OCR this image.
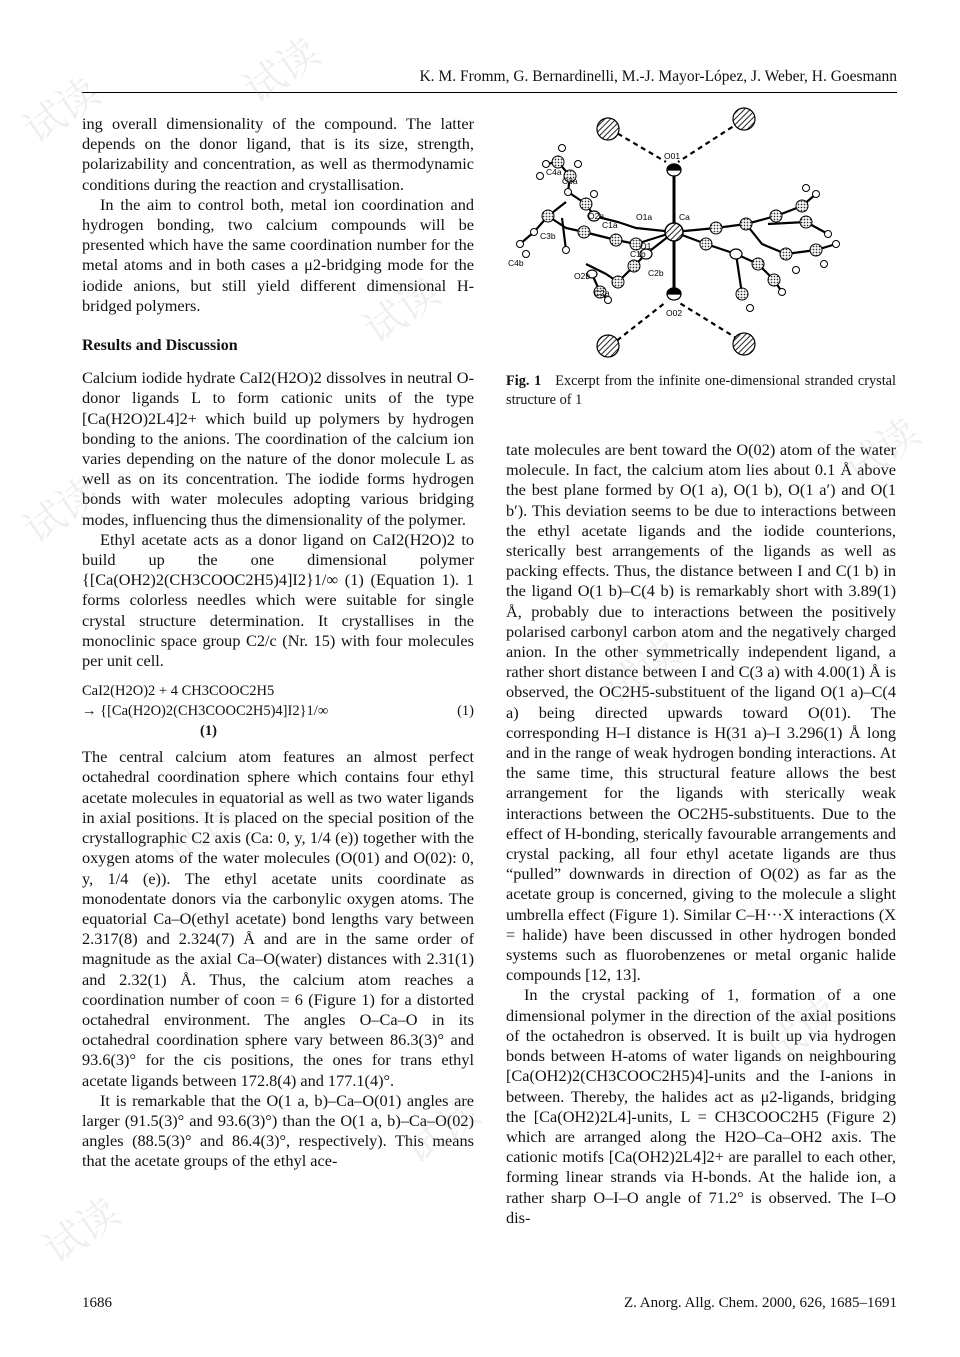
K. M. Fromm, G. Bernardinelli, M.-J. Mayor-López, J. Weber, H. Goesmann

ing overall dimensionality of the compound. The latter depends on the donor ligand, that is its size, strength, polarizability and concentration, as well as thermodynamic conditions during the reaction and crystallisation.

In the aim to control both, metal ion coordination and hydrogen bonding, two calcium compounds will be presented which have the same coordination number for the metal atoms and in both cases a μ2-bridging mode for the iodide anions, but still yield different dimensional H-bridged polymers.

Results and Discussion

Calcium iodide hydrate CaI2(H2O)2 dissolves in neutral O-donor ligands L to form cationic units of the type [Ca(H2O)2L4]2+ which build up polymers by hydrogen bonding to the anions. The coordination of the calcium ion varies depending on the nature of the donor molecule L as well as on its concentration. The iodide forms hydrogen bonds with water molecules adopting various bridging modes, influencing thus the dimensionality of the polymer.

Ethyl acetate acts as a donor ligand on CaI2(H2O)2 to build up the one dimensional polymer {[Ca(OH2)2(CH3COOC2H5)4]I2}1/∞ (1) (Equation 1). 1 forms colorless needles which were suitable for single crystal structure determination. It crystallises in the monoclinic space group C2/c (Nr. 15) with four molecules per unit cell.

CaI2(H2O)2 + 4 CH3COOC2H5
→ {[Ca(H2O)2(CH3COOC2H5)4]I2}1/∞
(1)
(1)

The central calcium atom features an almost perfect octahedral coordination sphere which contains four ethyl acetate molecules in equatorial as well as two water ligands in axial positions. It is placed on the special position of the crystallographic C2 axis (Ca: 0, y, 1/4 (e)) together with the oxygen atoms of the water molecules (O(01) and O(02): 0, y, 1/4 (e)). The ethyl acetate units coordinate as monodentate donors via the carbonylic oxygen atoms. The equatorial Ca–O(ethyl acetate) bond lengths vary between 2.317(8) and 2.324(7) Å and are in the same order of magnitude as the axial Ca–O(water) distances with 2.31(1) and 2.32(1) Å. Thus, the calcium atom reaches a coordination number of coon = 6 (Figure 1) for a distorted octahedral environment. The angles O–Ca–O in its octahedral coordination sphere vary between 86.3(3)° and 93.6(3)° for the cis positions, the ones for trans ethyl acetate ligands between 172.8(4) and 177.1(4)°.

It is remarkable that the O(1 a, b)–Ca–O(01) angles are larger (91.5(3)° and 93.6(3)°) than the O(1 a, b)–Ca–O(02) angles (88.5(3)° and 86.4(3)°, respectively). This means that the acetate groups of the ethyl ace-

O01
C4a
C3a
O2a
C1a
O1a	Ca
C3b
O1
C1b
C4b
O2b	C2b
C2a
O02
Fig. 1 Excerpt from the infinite one-dimensional stranded crystal structure of 1

tate molecules are bent toward the O(02) atom of the water molecule. In fact, the calcium atom lies about 0.1 Å above the best plane formed by O(1 a), O(1 b), O(1 a′) and O(1 b′). This deviation seems to be due to interactions between the ethyl acetate ligands and the iodide counterions, sterically best arrangements of the ligands as well as packing effects. Thus, the distance between I and C(1 b) in the ligand O(1 b)–C(4 b) is remarkably short with 3.89(1) Å, probably due to interactions between the positively polarised carbonyl carbon atom and the negatively charged anion. In the other symmetrically independent ligand, a rather short distance between I and C(3 a) with 4.00(1) Å is observed, the OC2H5-substituent of the ligand O(1 a)–C(4 a) being directed upwards toward O(01). The corresponding H–I distance is H(31 a)–I 3.296(1) Å long and in the range of weak hydrogen bonding interactions. At the same time, this structural feature allows the best arrangement for the ligands with sterically weak interactions between the OC2H5-substituents. Due to the effect of H-bonding, sterically favourable arrangements and crystal packing, all four ethyl acetate ligands are thus “pulled” downwards in direction of O(02) as far as the acetate group is concerned, giving to the molecule a slight umbrella effect (Figure 1). Similar C–H···X interactions (X = halide) have been discussed in other hydrogen bonded systems such as fluorobenzenes or metal organic halide compounds [12, 13].

In the crystal packing of 1, formation of a one dimensional polymer in the direction of the axial positions of the octahedron is observed. It is built up via hydrogen bonds between H-atoms of water ligands on neighbouring [Ca(OH2)2(CH3COOC2H5)4]-units and the I-anions in between. Thereby, the halides act as μ2-ligands, bridging the [Ca(OH2)2L4]-units, L = CH3COOC2H5 (Figure 2) which are arranged along the H2O–Ca–OH2 axis. The cationic motifs [Ca(OH2)2L4]2+ are parallel to each other, forming linear strands via H-bonds. At the halide ion, a rather sharp O–I–O angle of 71.2° is observed. The I–O dis-

1686	Z. Anorg. Allg. Chem. 2000, 626, 1685–1691
试读	试读
试读
试读
试读
试读
试读
试读
试读
试读
